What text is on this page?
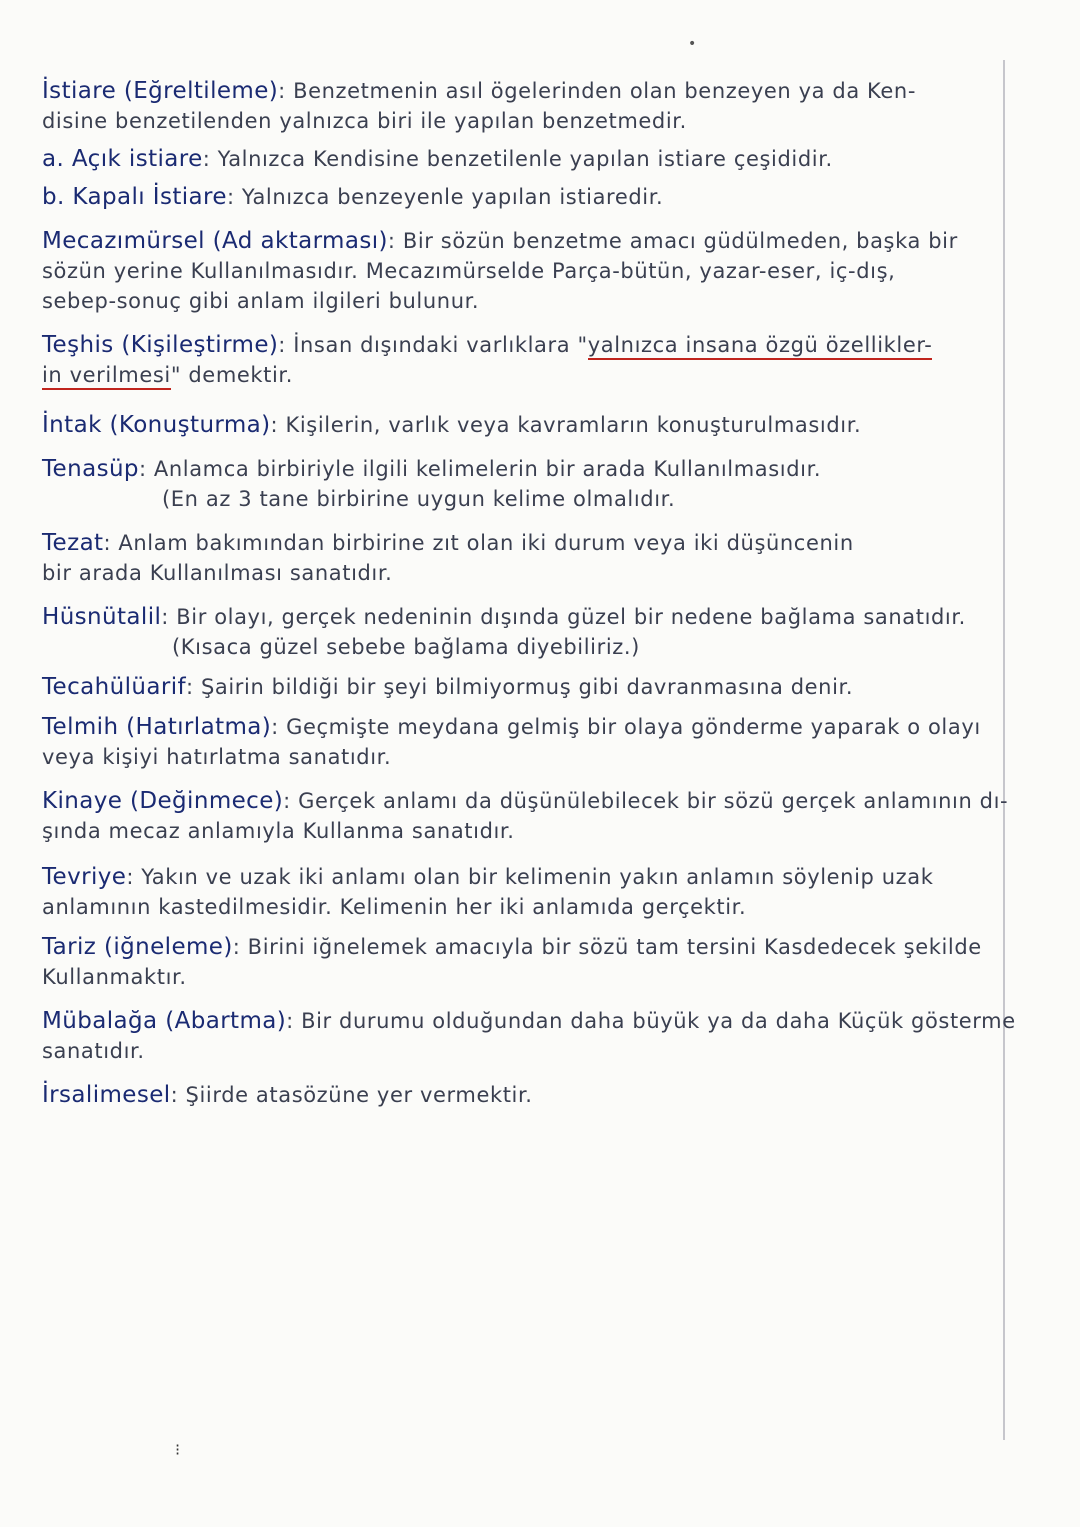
•
İstiare (Eğreltileme): Benzetmenin asıl ögelerinden olan benzeyen ya da Ken-
disine benzetilenden yalnızca biri ile yapılan benzetmedir.
a. Açık istiare: Yalnızca Kendisine benzetilenle yapılan istiare çeşididir.
b. Kapalı İstiare: Yalnızca benzeyenle yapılan istiaredir.
Mecazımürsel (Ad aktarması): Bir sözün benzetme amacı güdülmeden, başka bir
sözün yerine Kullanılmasıdır. Mecazımürselde Parça-bütün, yazar-eser, iç-dış,
sebep-sonuç gibi anlam ilgileri bulunur.
Teşhis (Kişileştirme): İnsan dışındaki varlıklara "yalnızca insana özgü özellikler-
in verilmesi" demektir.
İntak (Konuşturma): Kişilerin, varlık veya kavramların konuşturulmasıdır.
Tenasüp: Anlamca birbiriyle ilgili kelimelerin bir arada Kullanılmasıdır.
(En az 3 tane birbirine uygun kelime olmalıdır.
Tezat: Anlam bakımından birbirine zıt olan iki durum veya iki düşüncenin
bir arada Kullanılması sanatıdır.
Hüsnütalil: Bir olayı, gerçek nedeninin dışında güzel bir nedene bağlama sanatıdır.
(Kısaca güzel sebebe bağlama diyebiliriz.)
Tecahülüarif: Şairin bildiği bir şeyi bilmiyormuş gibi davranmasına denir.
Telmih (Hatırlatma): Geçmişte meydana gelmiş bir olaya gönderme yaparak o olayı
veya kişiyi hatırlatma sanatıdır.
Kinaye (Değinmece): Gerçek anlamı da düşünülebilecek bir sözü gerçek anlamının dı-
şında mecaz anlamıyla Kullanma sanatıdır.
Tevriye: Yakın ve uzak iki anlamı olan bir kelimenin yakın anlamın söylenip uzak
anlamının kastedilmesidir. Kelimenin her iki anlamıda gerçektir.
Tariz (iğneleme): Birini iğnelemek amacıyla bir sözü tam tersini Kasdedecek şekilde
Kullanmaktır.
Mübalağa (Abartma): Bir durumu olduğundan daha büyük ya da daha Küçük gösterme
sanatıdır.
İrsalimesel: Şiirde atasözüne yer vermektir.
⁝
